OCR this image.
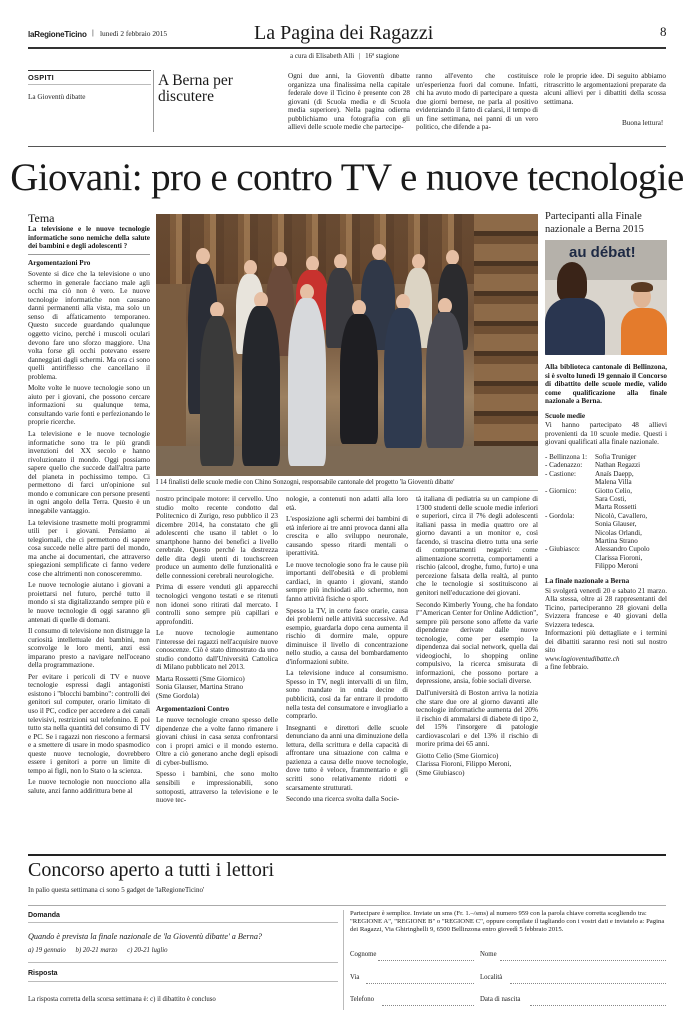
laRegioneTicino | lunedì 2 febbraio 2015	La Pagina dei Ragazzi	8
a cura di Elisabeth Alli | 16ª stagione
OSPITI
La Gioventù dibatte
A Berna per discutere
Ogni due anni, la Gioventù dibatte organizza una finalissima nella capitale federale dove il Ticino è presente con 28 giovani (di Scuola media e di Scuola media superiore). Nella pagina odierna pubblichiamo una fotografia con gli allievi delle scuole medie che partecipe-
ranno all'evento che costituisce un'esperienza fuori dal comune. Infatti, chi ha avuto modo di partecipare a questa due giorni bernese, ne parla al positivo evidenziando il fatto di calarsi, il tempo di un fine settimana, nei panni di un vero politico, che difende a pa-
role le proprie idee. Di seguito abbiamo ritrascritto le argomentazioni preparate da alcuni allievi per i dibattiti della scossa settimana.
Buona lettura!
Giovani: pro e contro TV e nuove tecnologie
Tema

La televisione e le nuove tecnologie informatiche sono nemiche della salute dei bambini e degli adolescenti ?

Argomentazioni Pro

Sovente si dice che la televisione o uno schermo in generale facciano male agli occhi ma ciò non è vero. Le nuove tecnologie informatiche non causano danni permanenti alla vista, ma solo un senso di affaticamento temporaneo. Questo succede guardando qualunque oggetto vicino, perché i muscoli oculari devono fare uno sforzo maggiore. Una volta forse gli occhi potevano essere danneggiati dagli schermi. Ma ora ci sono quelli antiriflesso che cancellano il problema.

Molte volte le nuove tecnologie sono un aiuto per i giovani, che possono cercare informazioni su qualunque tema, consultando varie fonti e perfezionando le proprie ricerche.

La televisione e le nuove tecnologie informatiche sono tra le più grandi invenzioni del XX secolo e hanno rivoluzionato il mondo. Oggi possiamo sapere quello che succede dall'altra parte del pianeta in pochissimo tempo. Ci permettono di farci un'opinione sul mondo e comunicare con persone presenti in ogni angolo della Terra. Questo è un innegabile vantaggio.

La televisione trasmette molti programmi utili per i giovani. Pensiamo ai telegiornali, che ci permettono di sapere cosa succede nelle altre parti del mondo, ma anche ai documentari, che attraverso spiegazioni semplificate ci fanno vedere cose che altrimenti non conosceremmo.

Le nuove tecnologie aiutano i giovani a proiettarsi nel futuro, perché tutto il mondo si sta digitalizzando sempre più e le nuove tecnologie di oggi saranno gli antenati di quelle di domani.

Il consumo di televisione non distrugge la curiosità intellettuale dei bambini, non sconvolge le loro menti, anzi essi imparano presto a navigare nell'oceano della programmazione.

Per evitare i pericoli di TV e nuove tecnologie espressi dagli antagonisti esistono i "blocchi bambino": controlli dei genitori sul computer, orario limitato di uso il PC, codice per accedere a dei canali televisivi, restrizioni sul telefonino. E poi tutto sta nella quantità del consumo di TV e PC. Se i ragazzi non riescono a fermarsi e a smettere di usare in modo spasmodico queste nuove tecnologie, dovrebbero essere i genitori a porre un limite di tempo ai figli, non lo Stato o la scienza.

Le nuove tecnologie non nuocciono alla salute, anzi fanno addirittura bene al

I 14 finalisti delle scuole medie con Chino Sonzogni, responsabile cantonale del progetto 'la Gioventù dibatte'

nostro principale motore: il cervello. Uno studio molto recente condotto dal Politecnico di Zurigo, reso pubblico il 23 dicembre 2014, ha constatato che gli adolescenti che usano il tablet o lo smartphone hanno dei benefici a livello cerebrale. Questo perché la destrezza delle dita degli utenti di touchscreen produce un aumento delle funzionalità e delle connessioni cerebrali neurologiche.

Prima di essere venduti gli apparecchi tecnologici vengono testati e se ritenuti non idonei sono ritirati dal mercato. I controlli sono sempre più capillari e approfonditi.

Le nuove tecnologie aumentano l'interesse dei ragazzi nell'acquisire nuove conoscenze. Ciò è stato dimostrato da uno studio condotto dall'Università Cattolica di Milano pubblicato nel 2013.

Marta Rossetti (Sme Giornico)

Sonia Glauser, Martina Strano

(Sme Gordola)

Argomentazioni Contro

Le nuove tecnologie creano spesso delle dipendenze che a volte fanno rimanere i giovani chiusi in casa senza confrontarsi con i propri amici e il mondo esterno. Oltre a ciò generano anche degli episodi di cyber-bullismo.

Spesso i bambini, che sono molto sensibili e impressionabili, sono sottoposti, attraverso la televisione e le nuove tec-

nologie, a contenuti non adatti alla loro età.

L'esposizione agli schermi dei bambini di età inferiore ai tre anni provoca danni alla crescita e allo sviluppo neuronale, causando spesso ritardi mentali o iperattività.

Le nuove tecnologie sono fra le cause più importanti dell'obesità e di problemi cardiaci, in quanto i giovani, stando sempre più inchiodati allo schermo, non fanno attività fisiche o sport.

Spesso la TV, in certe fasce orarie, causa dei problemi nelle attività successive. Ad esempio, guardarla dopo cena aumenta il rischio di dormire male, oppure diminuisce il livello di concentrazione nello studio, a causa del bombardamento d'informazioni subite.

La televisione induce al consumismo. Spesso in TV, negli intervalli di un film, sono mandate in onda decine di pubblicità, così da far entrare il prodotto nella testa del consumatore e invogliarlo a comprarlo.

Insegnanti e direttori delle scuole denunciano da anni una diminuzione della lettura, della scrittura e della capacità di affrontare una situazione con calma e pazienza a causa delle nuove tecnologie, dove tutto è veloce, frammentario e gli scritti sono relativamente ridotti e scarsamente strutturati.

Secondo una ricerca svolta dalla Socie-

tà italiana di pediatria su un campione di 1'300 studenti delle scuole medie inferiori e superiori, circa il 7% degli adolescenti italiani passa in media quattro ore al giorno davanti a un monitor e, così facendo, si trascina dietro tutta una serie di comportamenti negativi: come alimentazione scorretta, comportamenti a rischio (alcool, droghe, fumo, furto) e una percezione falsata della realtà, al punto che le tecnologie si sostituiscono ai genitori nell'educazione dei giovani.

Secondo Kimberly Young, che ha fondato l'"American Center for Online Addiction", sempre più persone sono affette da varie dipendenze derivate dalle nuove tecnologie, come per esempio la dipendenza dai social network, quella dai videogiochi, lo shopping online compulsivo, la ricerca smisurata di informazioni, che possono portare a depressione, ansia, fobie sociali diverse.

Dall'università di Boston arriva la notizia che stare due ore al giorno davanti alle tecnologie informatiche aumenta del 20% il rischio di ammalarsi di diabete di tipo 2, del 15% l'insorgere di patologie cardiovascolari e del 13% il rischio di morire prima dei 65 anni.

Giotto Celio (Sme Giornico)

Clarissa Fioroni, Filippo Meroni,

(Sme Giubiasco)

Partecipanti alla Finale nazionale a Berna 2015
au débat!

Alla biblioteca cantonale di Bellinzona, si è svolto lunedì 19 gennaio il Concorso di dibattito delle scuole medie, valido come qualificazione alla finale nazionale a Berna.

Scuole medie

Vi hanno partecipato 48 allievi provenienti da 10 scuole medie. Questi i giovani qualificati alla finale nazionale.

- Bellinzona 1:	Sofia Truniger
- Cadenazzo:	Nathan Regazzi
- Castione:	Anaïs Daepp,
Malena Villa
- Giornico:	Giotto Celio,
Sara Costi,
Marta Rossetti
- Gordola:	Nicolò, Cavallero,
Sonia Glauser,
Nicolas Orlandi,
Martina Strano
- Giubiasco:	Alessandro Cupolo
Clarissa Fioroni,
Filippo Meroni

La finale nazionale a Berna

Si svolgerà venerdì 20 e sabato 21 marzo. Alla stessa, oltre ai 28 rappresentanti del Ticino, parteciperanno 28 giovani della Svizzera francese e 40 giovani della Svizzera tedesca.

Informazioni più dettagliate e i termini dei dibattiti saranno resi noti sul nostro sito

www.lagioventudibatte.ch

a fine febbraio.

Concorso aperto a tutti i lettori
In palio questa settimana ci sono 5 gadget de 'laRegioneTicino'
Domanda
Quando è prevista la finale nazionale de 'la Gioventù dibatte' a Berna?
a) 19 gennaio b) 20-21 marzo c) 20-21 luglio
Risposta
La risposta corretta della scorsa settimana è: c) il dibattito è concluso
Partecipare è semplice. Inviate un sms (Fr. 1.–/sms) al numero 959 con la parola chiave corretta scegliendo tra: "REGIONE A", "REGIONE B" o "REGIONE C", oppure compilate il tagliando con i vostri dati e inviatelo a: Pagina dei Ragazzi, Via Ghiringhelli 9, 6500 Bellinzona entro giovedì 5 febbraio 2015.
Cognome	Nome
Via	Località
Telefono	Data di nascita
